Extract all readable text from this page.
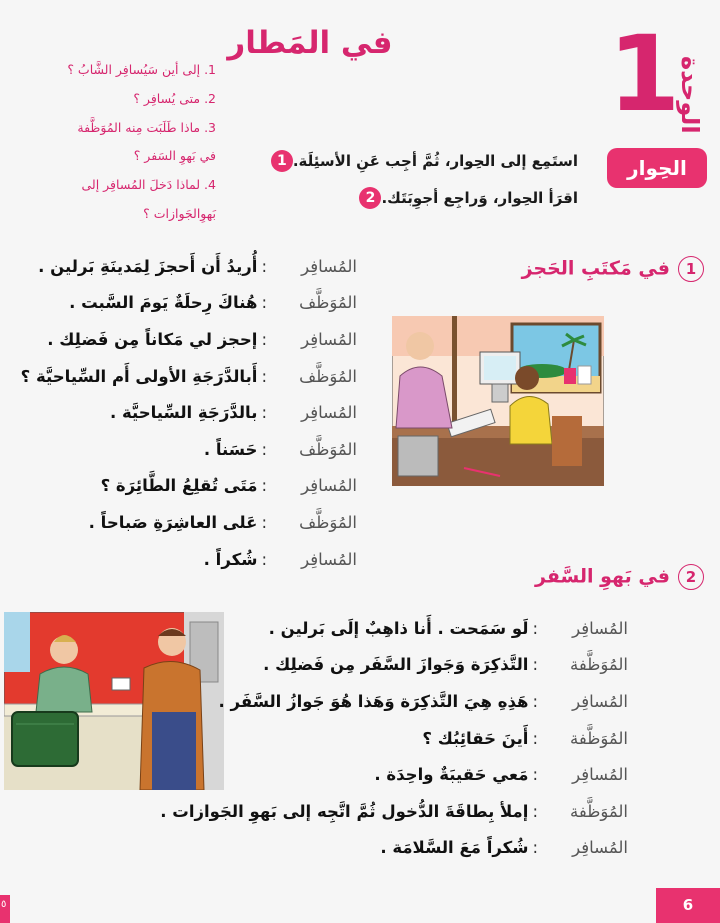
1
الوحدة
في المَطار
1. إلى أين سَيُسافِر الشَّابُ ؟
2. متى يُسافِر ؟
3. ماذا طَلَبَت مِنه المُوَظَّفة
في بَهوِ السَفر ؟
4. لماذا دَخلَ المُسافِر إلى
بَهوِالجَوازات ؟
الحِوار
1 استَمِع إلى الحِوار، ثُمَّ أجِب عَنِ الأسئِلَة.
2 اقرَأ الحِوار، وَراجِع أجوِبَتَك.
1في مَكتَبِ الحَجز
المُسافِر
:
أُريدُ أَن أَحجزَ لِمَدينَةِ بَرلين .
المُوَظَّف
:
هُناكَ رِحلَةٌ يَومَ السَّبت .
المُسافِر
:
إحجز لي مَكاناً مِن فَضلِك .
المُوَظَّف
:
أَبالدَّرَجَةِ الأولى أَم السِّياحيَّة ؟
المُسافِر
:
بالدَّرَجَةِ السِّياحيَّة .
المُوَظَّف
:
حَسَناً .
المُسافِر
:
مَتَى تُقلِعُ الطَّائِرَة ؟
المُوَظَّف
:
عَلى العاشِرَةِ صَباحاً .
المُسافِر
:
شُكراً .
2في بَهوِ السَّفر
المُسافِر
:
لَو سَمَحت . أَنا ذاهِبٌ إلَى بَرلين .
المُوَظَّفة
:
التَّذكِرَة وَجَوازَ السَّفَر مِن فَضلِك .
المُسافِر
:
هَذِهِ هِيَ التَّذكِرَة وَهَذا هُوَ جَوازُ السَّفَر .
المُوَظَّفة
:
أَينَ حَقائِبُك ؟
المُسافِر
:
مَعي حَقيبَةٌ واحِدَة .
المُوَظَّفة
:
إملأ بِطاقَةَ الدُّخول ثُمَّ اتَّجِه إلى بَهوِ الجَوازات .
المُسافِر
:
شُكراً مَعَ السَّلامَة .
6
٥
